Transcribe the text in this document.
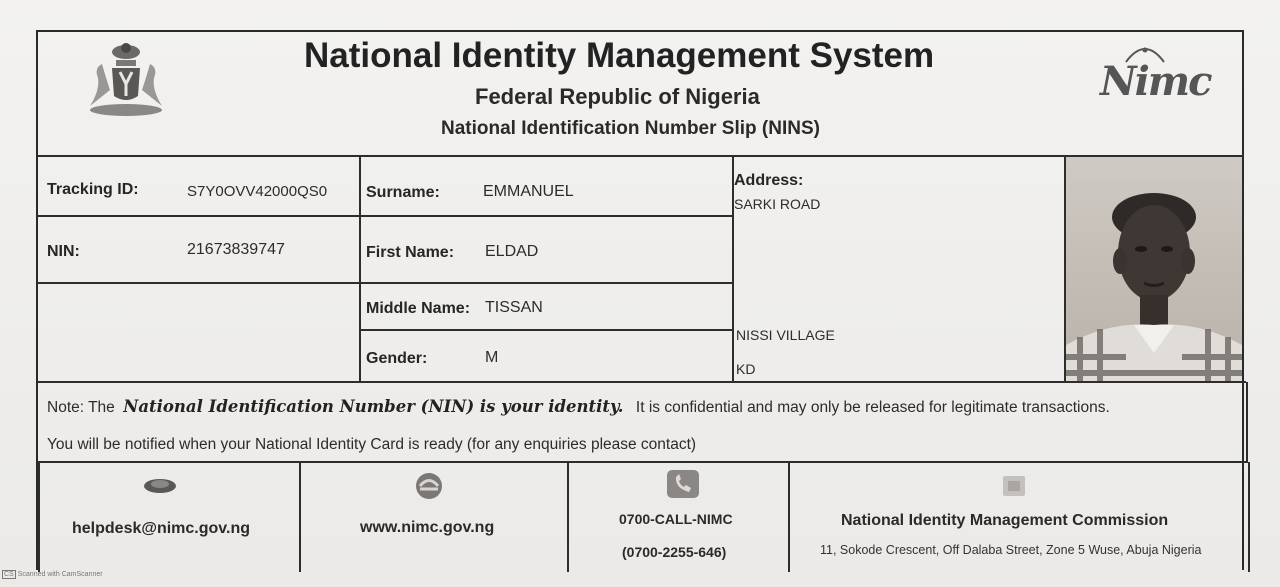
National Identity Management System
Federal Republic of Nigeria
National Identification Number Slip (NINS)
Nimc
Tracking ID:	S7Y0OVV42000QS0
NIN:	21673839747
Surname:	EMMANUEL
First Name: ELDAD
Middle Name: TISSAN
Gender:	M
Address:
SARKI ROAD
NISSI VILLAGE
KD
Note: The National Identification Number (NIN) is your identity. It is confidential and may only be released for legitimate transactions.
You will be notified when your National Identity Card is ready (for any enquiries please contact)
helpdesk@nimc.gov.ng	www.nimc.gov.ng	0700-CALL-NIMC
(0700-2255-646)
National Identity Management Commission
11, Sokode Crescent, Off Dalaba Street, Zone 5 Wuse, Abuja Nigeria
CS Scanned with CamScanner
